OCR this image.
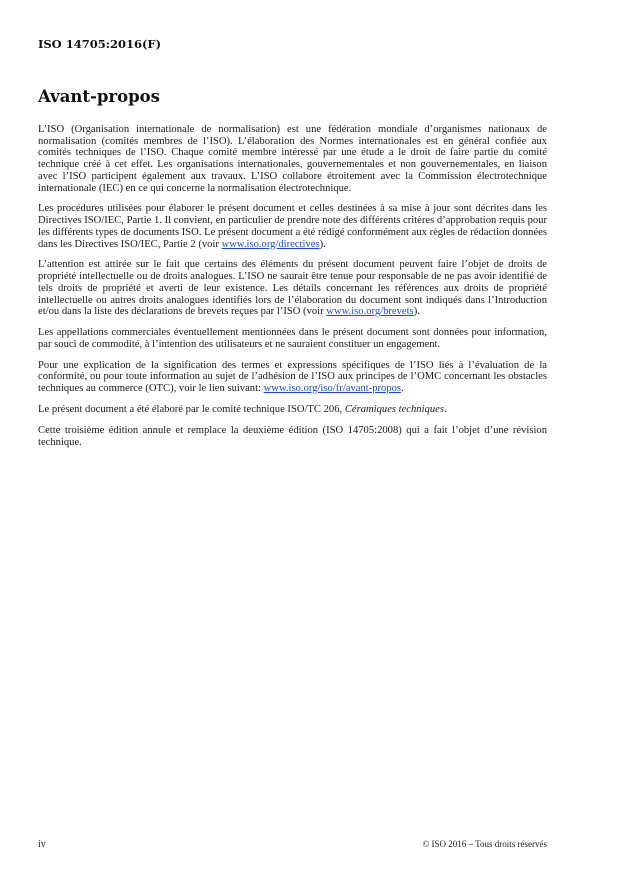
ISO 14705:2016(F)
Avant-propos

L’ISO (Organisation internationale de normalisation) est une fédération mondiale d’organismes nationaux de normalisation (comités membres de l’ISO). L’élaboration des Normes internationales est en général confiée aux comités techniques de l’ISO. Chaque comité membre intéressé par une étude a le droit de faire partie du comité technique créé à cet effet. Les organisations internationales, gouvernementales et non gouvernementales, en liaison avec l’ISO participent également aux travaux. L’ISO collabore étroitement avec la Commission électrotechnique internationale (IEC) en ce qui concerne la normalisation électrotechnique.

Les procédures utilisées pour élaborer le présent document et celles destinées à sa mise à jour sont décrites dans les Directives ISO/IEC, Partie 1. Il convient, en particulier de prendre note des différents critères d’approbation requis pour les différents types de documents ISO. Le présent document a été rédigé conformément aux règles de rédaction données dans les Directives ISO/IEC, Partie 2 (voir www.iso.org/directives).

L’attention est attirée sur le fait que certains des éléments du présent document peuvent faire l’objet de droits de propriété intellectuelle ou de droits analogues. L’ISO ne saurait être tenue pour responsable de ne pas avoir identifié de tels droits de propriété et averti de leur existence. Les détails concernant les références aux droits de propriété intellectuelle ou autres droits analogues identifiés lors de l’élaboration du document sont indiqués dans l’Introduction et/ou dans la liste des déclarations de brevets reçues par l’ISO (voir www.iso.org/brevets).

Les appellations commerciales éventuellement mentionnées dans le présent document sont données pour information, par souci de commodité, à l’intention des utilisateurs et ne sauraient constituer un engagement.

Pour une explication de la signification des termes et expressions spécifiques de l’ISO liés à l’évaluation de la conformité, ou pour toute information au sujet de l’adhésion de l’ISO aux principes de l’OMC concernant les obstacles techniques au commerce (OTC), voir le lien suivant: www.iso.org/iso/fr/avant-propos.

Le présent document a été élaboré par le comité technique ISO/TC 206, Céramiques techniques.

Cette troisième édition annule et remplace la deuxième édition (ISO 14705:2008) qui a fait l’objet d’une révision technique.

iv	© ISO 2016 – Tous droits réservés
